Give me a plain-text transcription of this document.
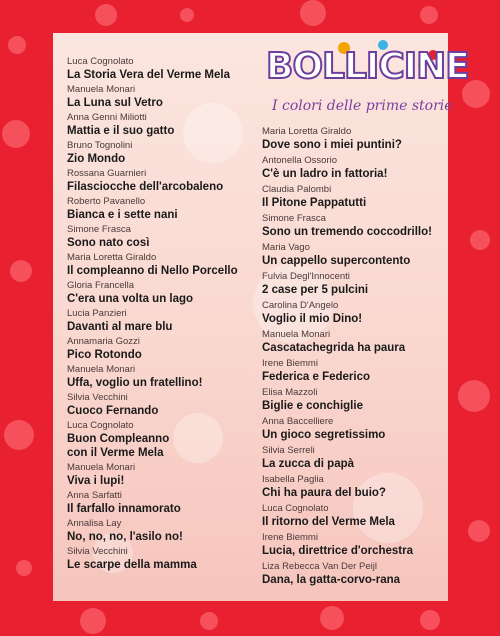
BOLLICINE
I colori delle prime storie
Luca Cognolato
La Storia Vera del Verme Mela
Manuela Monari
La Luna sul Vetro
Anna Genni Miliotti
Mattia e il suo gatto
Bruno Tognolini
Zio Mondo
Rossana Guarnieri
Filasciocche dell'arcobaleno
Roberto Pavanello
Bianca e i sette nani
Simone Frasca
Sono nato così
Maria Loretta Giraldo
Il compleanno di Nello Porcello
Gloria Francella
C'era una volta un lago
Lucia Panzieri
Davanti al mare blu
Annamaria Gozzi
Pico Rotondo
Manuela Monari
Uffa, voglio un fratellino!
Silvia Vecchini
Cuoco Fernando
Luca Cognolato
Buon Compleanno
con il Verme Mela
Manuela Monari
Viva i lupi!
Anna Sarfatti
Il farfallo innamorato
Annalisa Lay
No, no, no, l'asilo no!
Silvia Vecchini
Le scarpe della mamma
Maria Loretta Giraldo
Dove sono i miei puntini?
Antonella Ossorio
C'è un ladro in fattoria!
Claudia Palombi
Il Pitone Pappatutti
Simone Frasca
Sono un tremendo coccodrillo!
Maria Vago
Un cappello supercontento
Fulvia Degl'Innocenti
2 case per 5 pulcini
Carolina D'Angelo
Voglio il mio Dino!
Manuela Monari
Cascatachegrida ha paura
Irene Biemmi
Federica e Federico
Elisa Mazzoli
Biglie e conchiglie
Anna Baccelliere
Un gioco segretissimo
Silvia Serreli
La zucca di papà
Isabella Paglia
Chi ha paura del buio?
Luca Cognolato
Il ritorno del Verme Mela
Irene Biemmi
Lucia, direttrice d'orchestra
Liza Rebecca Van Der Peijl
Dana, la gatta-corvo-rana
